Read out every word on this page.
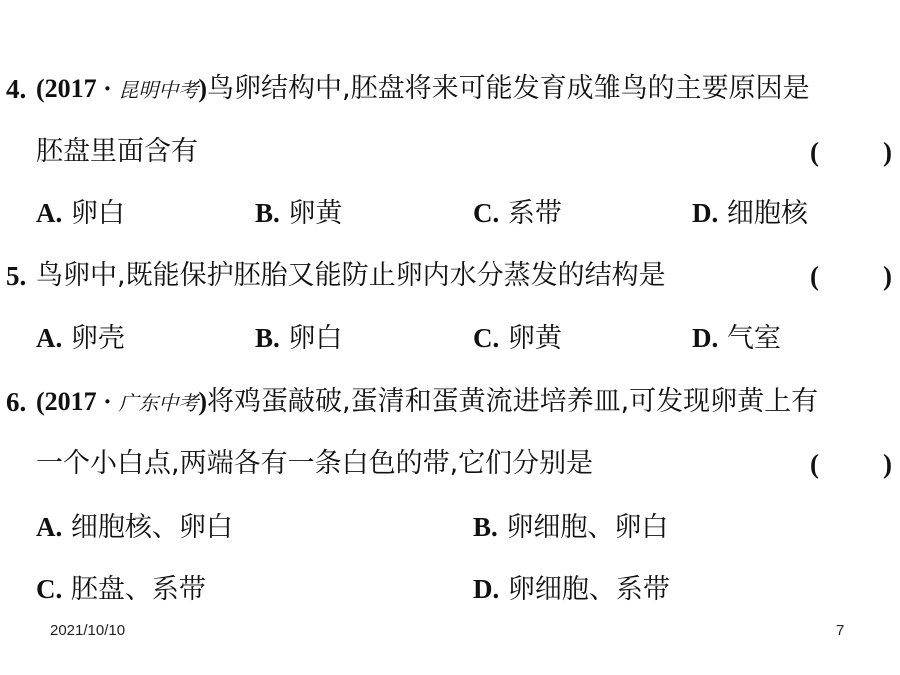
4. (2017 · 昆明中考)鸟卵结构中,胚盘将来可能发育成雏鸟的主要原因是
胚盘里面含有	( )
A. 卵白	B. 卵黄	C. 系带	D. 细胞核
5. 鸟卵中,既能保护胚胎又能防止卵内水分蒸发的结构是	( )
A. 卵壳	B. 卵白	C. 卵黄	D. 气室
6. (2017 · 广东中考)将鸡蛋敲破,蛋清和蛋黄流进培养皿,可发现卵黄上有
一个小白点,两端各有一条白色的带,它们分别是	( )
A. 细胞核、卵白	B. 卵细胞、卵白
C. 胚盘、系带	D. 卵细胞、系带
2021/10/10	7
